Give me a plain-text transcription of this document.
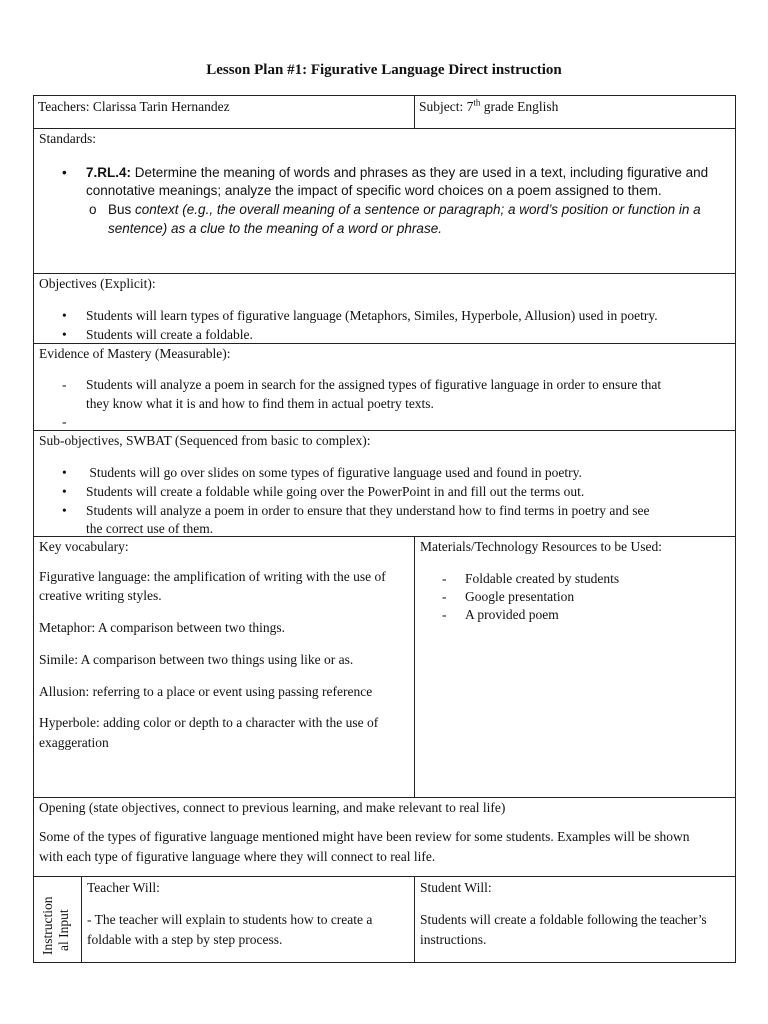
Lesson Plan #1: Figurative Language Direct instruction
Teachers: Clarissa Tarin Hernandez	Subject: 7th grade English
Standards:
• 7.RL.4: Determine the meaning of words and phrases as they are used in a text, including figurative and
connotative meanings; analyze the impact of specific word choices on a poem assigned to them.
o Bus context (e.g., the overall meaning of a sentence or paragraph; a word’s position or function in a
sentence) as a clue to the meaning of a word or phrase.
Objectives (Explicit):
• Students will learn types of figurative language (Metaphors, Similes, Hyperbole, Allusion) used in poetry.
• Students will create a foldable.
Evidence of Mastery (Measurable):
- Students will analyze a poem in search for the assigned types of figurative language in order to ensure that
they know what it is and how to find them in actual poetry texts.
-
Sub-objectives, SWBAT (Sequenced from basic to complex):
• Students will go over slides on some types of figurative language used and found in poetry.
• Students will create a foldable while going over the PowerPoint in and fill out the terms out.
• Students will analyze a poem in order to ensure that they understand how to find terms in poetry and see
the correct use of them.
Key vocabulary:
Figurative language: the amplification of writing with the use of
creative writing styles.
Metaphor: A comparison between two things.
Simile: A comparison between two things using like or as.
Allusion: referring to a place or event using passing reference
Hyperbole: adding color or depth to a character with the use of
exaggeration
Materials/Technology Resources to be Used:
- Foldable created by students
- Google presentation
- A provided poem
Opening (state objectives, connect to previous learning, and make relevant to real life)
Some of the types of figurative language mentioned might have been review for some students. Examples will be shown
with each type of figurative language where they will connect to real life.
Instruction al Input
Teacher Will:
- The teacher will explain to students how to create a
foldable with a step by step process.
Student Will:
Students will create a foldable following the teacher’s
instructions.
